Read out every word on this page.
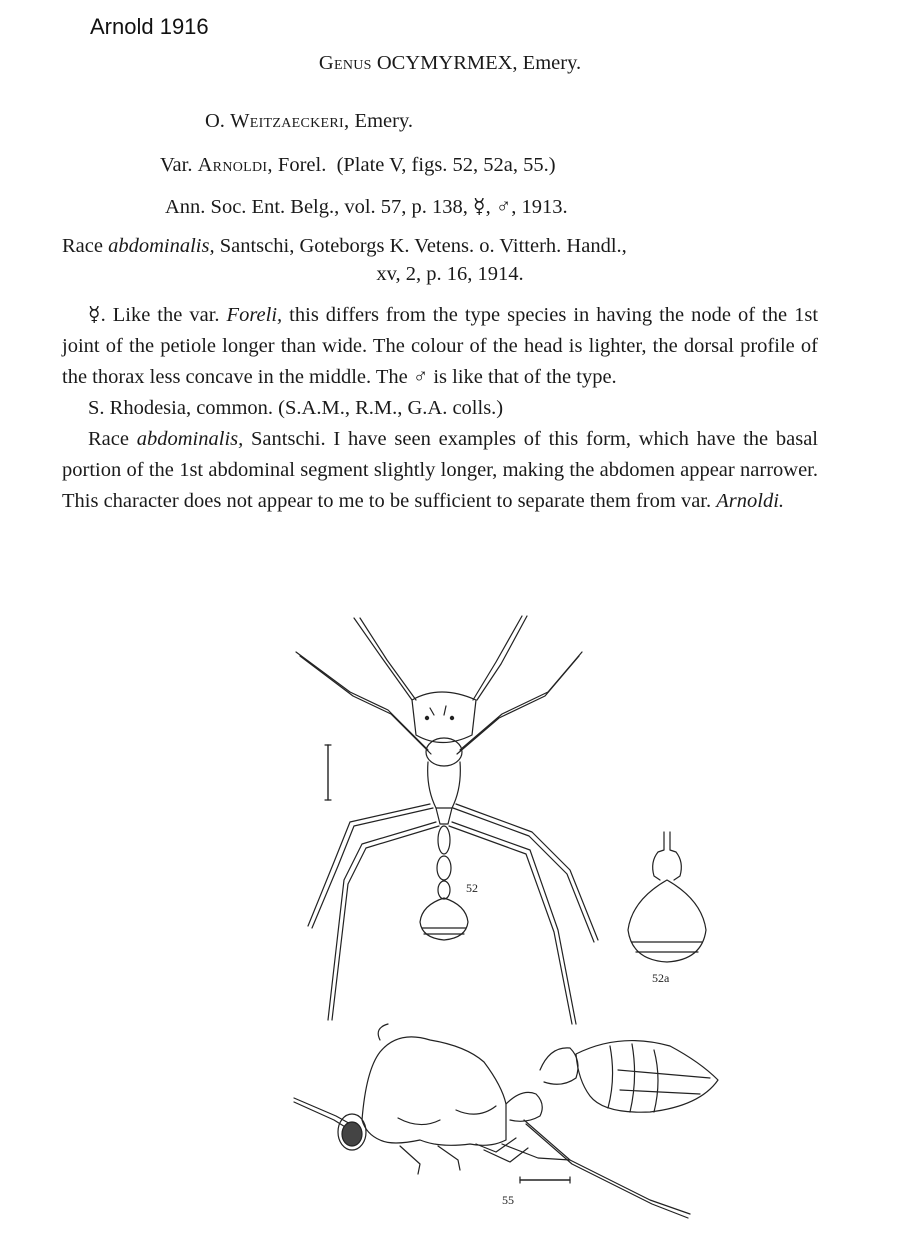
Arnold 1916
Genus OCYMYRMEX, Emery.
O. Weitzaeckeri, Emery.
Var. Arnoldi, Forel. (Plate V, figs. 52, 52a, 55.)
Ann. Soc. Ent. Belg., vol. 57, p. 138, ☿, ♂, 1913.
Race abdominalis, Santschi, Goteborgs K. Vetens. o. Vitterh. Handl.,
xv, 2, p. 16, 1914.

☿. Like the var. Foreli, this differs from the type species in having the node of the 1st joint of the petiole longer than wide. The colour of the head is lighter, the dorsal profile of the thorax less concave in the middle. The ♂ is like that of the type.

S. Rhodesia, common. (S.A.M., R.M., G.A. colls.)

Race abdominalis, Santschi. I have seen examples of this form, which have the basal portion of the 1st abdominal segment slightly longer, making the abdomen appear narrower. This character does not appear to me to be sufficient to separate them from var. Arnoldi.

52
52a
55
